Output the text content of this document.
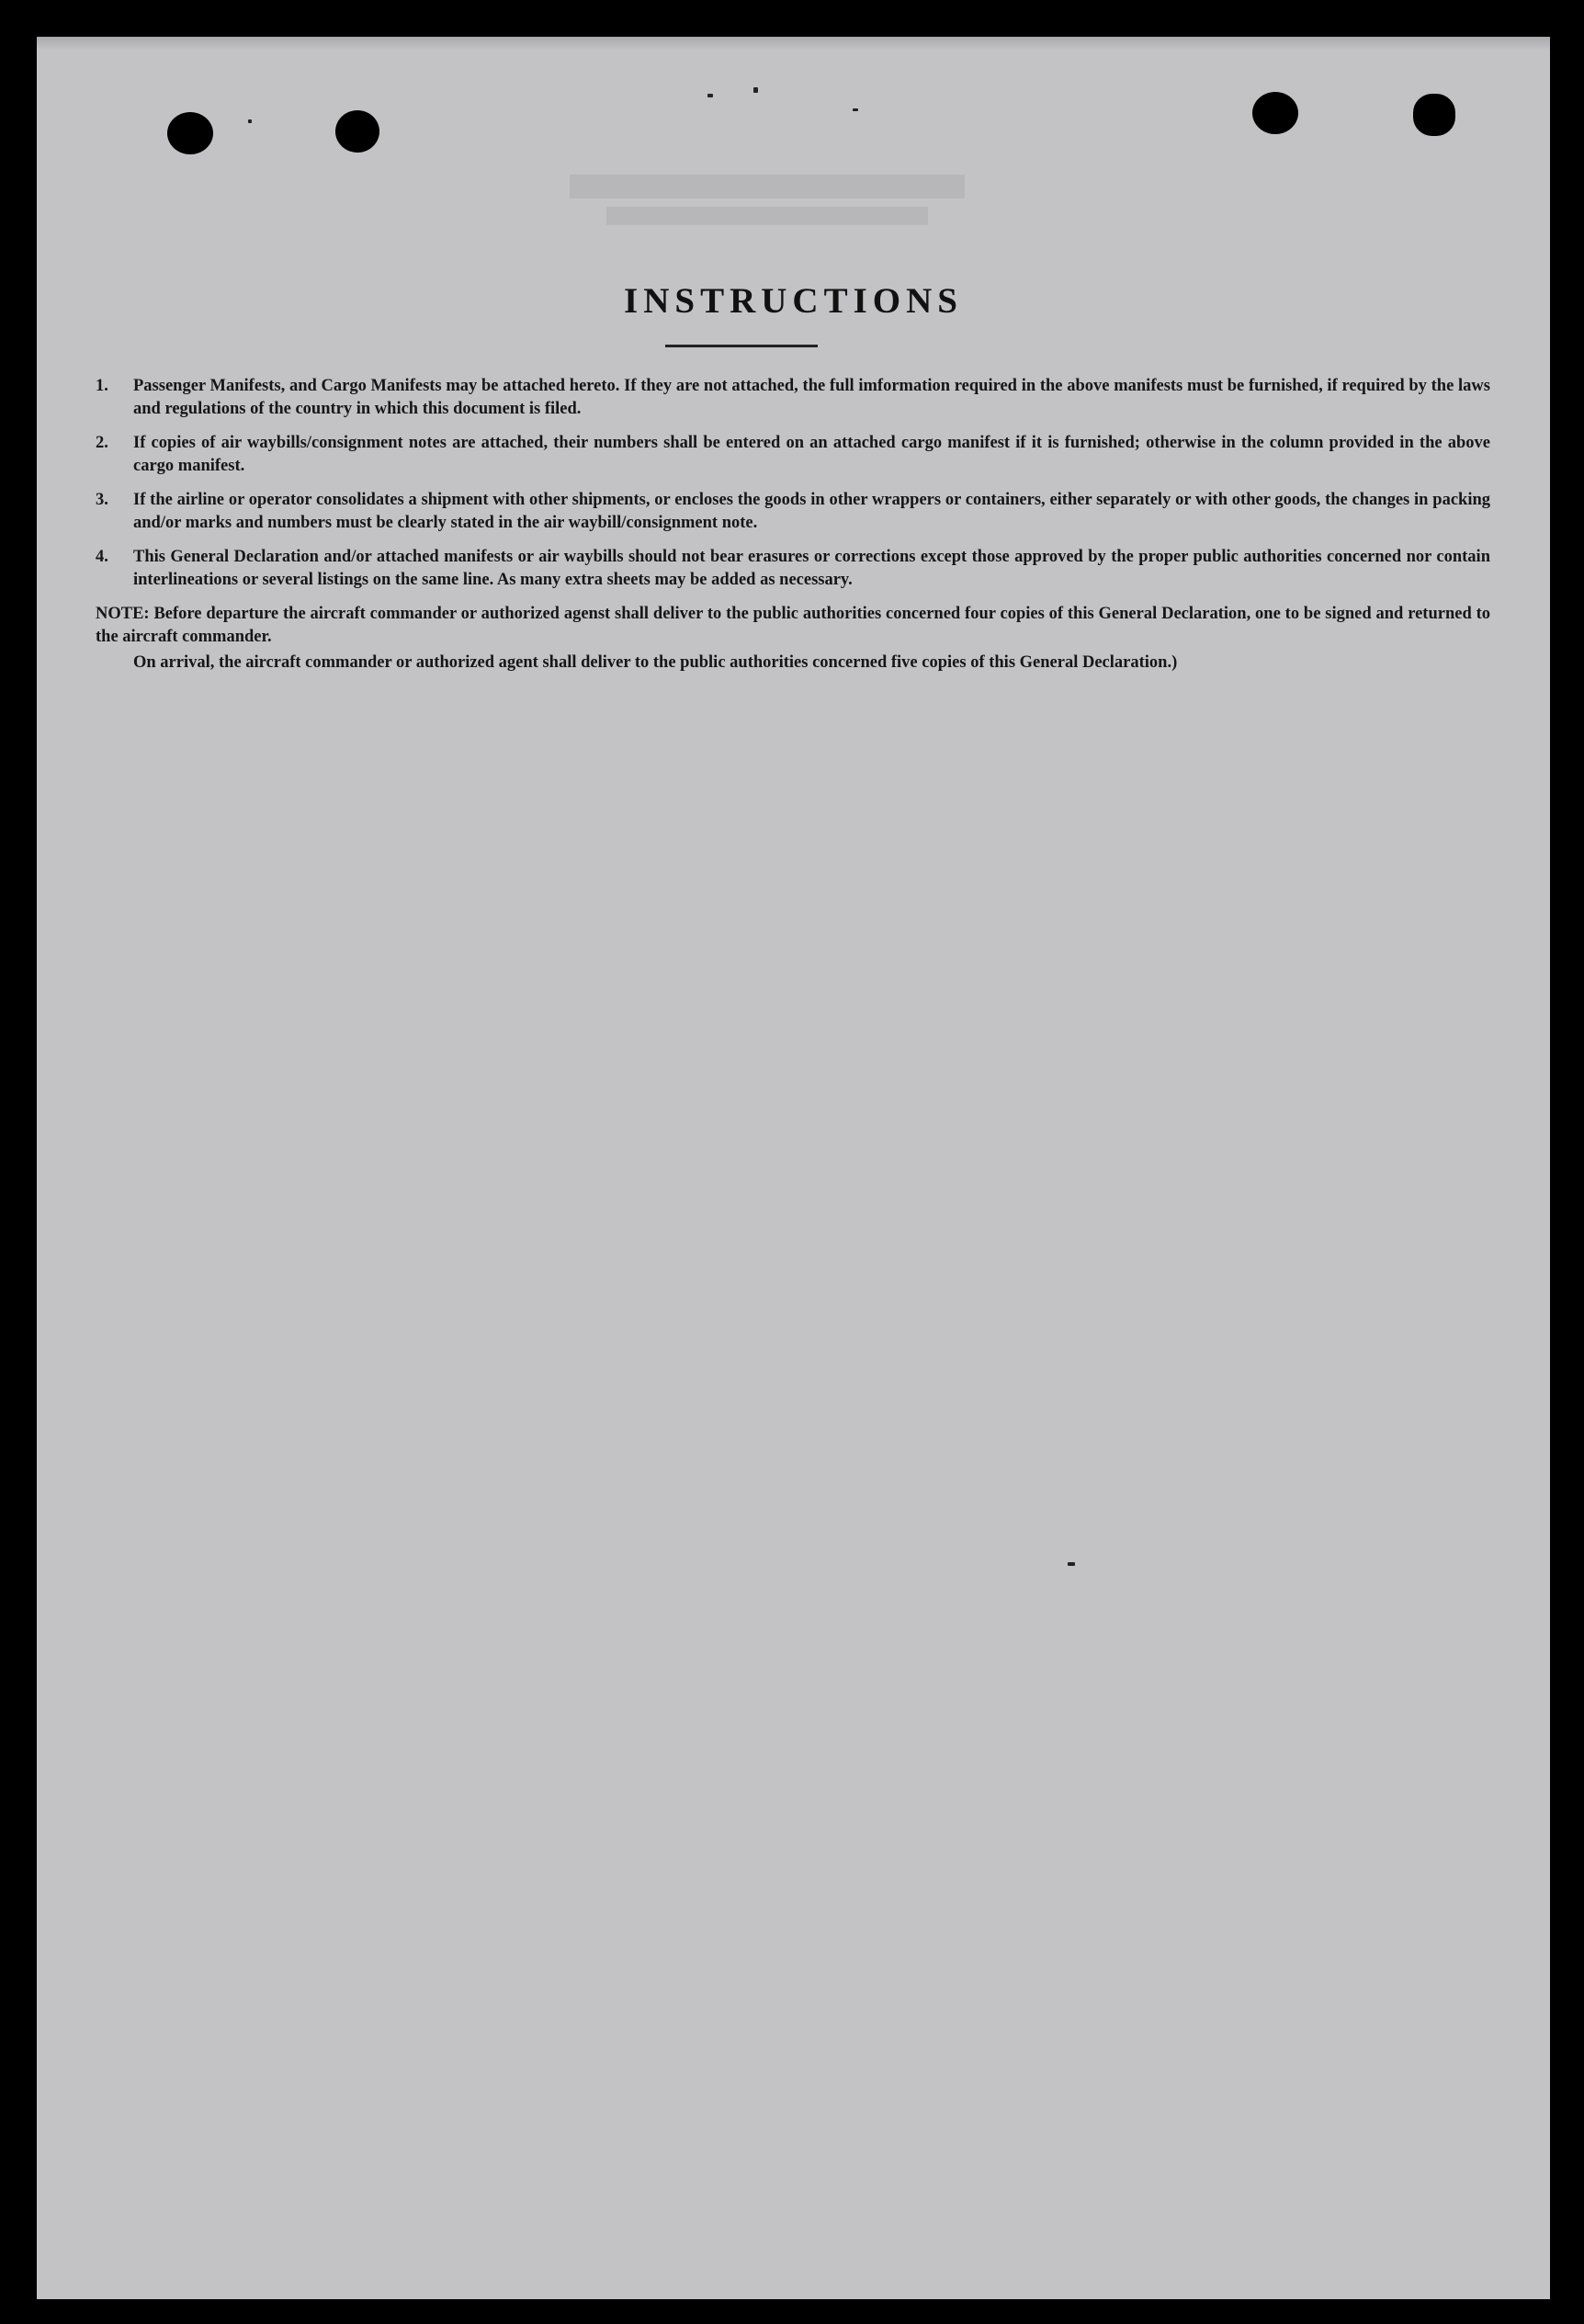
INSTRUCTIONS
1. Passenger Manifests, and Cargo Manifests may be attached hereto. If they are not attached, the full imformation required in the above manifests must be furnished, if required by the laws and regulations of the country in which this document is filed.
2. If copies of air waybills/consignment notes are attached, their numbers shall be entered on an attached cargo manifest if it is furnished; otherwise in the column provided in the above cargo manifest.
3. If the airline or operator consolidates a shipment with other shipments, or encloses the goods in other wrappers or containers, either separately or with other goods, the changes in packing and/or marks and numbers must be clearly stated in the air waybill/consignment note.
4. This General Declaration and/or attached manifests or air waybills should not bear erasures or corrections except those approved by the proper public authorities concerned nor contain interlineations or several listings on the same line. As many extra sheets may be added as necessary.
NOTE: Before departure the aircraft commander or authorized agenst shall deliver to the public authorities concerned four copies of this General Declaration, one to be signed and returned to the aircraft commander.
On arrival, the aircraft commander or authorized agent shall deliver to the public authorities concerned five copies of this General Declaration.)
